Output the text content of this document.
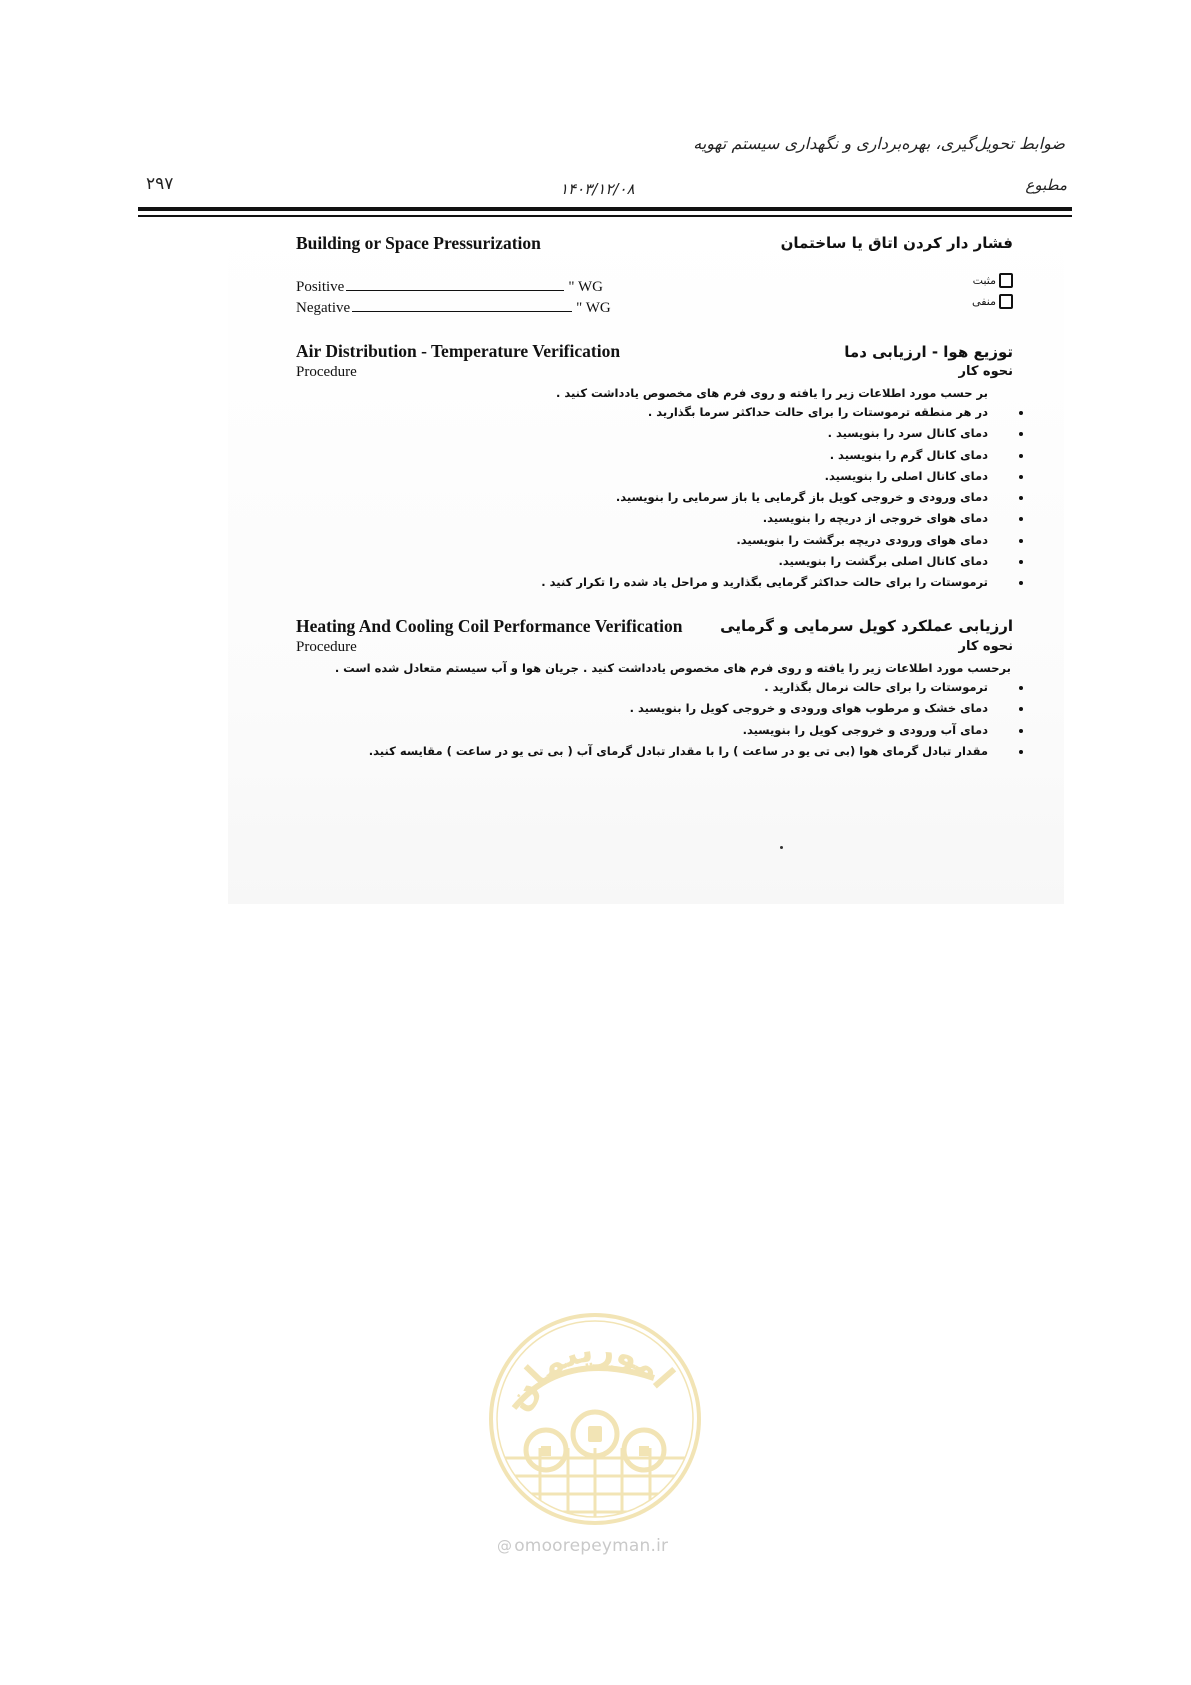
ضوابط تحویل‌گیری، بهره‌برداری و نگهداری سیستم تهویه
۲۹۷	۱۴۰۳/۱۲/۰۸	مطبوع
Building or Space Pressurization	فشار دار کردن اتاق یا ساختمان
Positive	" WG
Negative	" WG
مثبت
منفی
Air Distribution - Temperature Verification	توزیع هوا - ارزیابی دما
Procedure	نحوه کار
بر حسب مورد اطلاعات زیر را یافته و روی فرم های مخصوص یادداشت کنید .
در هر منطقه ترموستات را برای حالت حداکثر سرما بگذارید .
دمای کانال سرد را بنویسید .
دمای کانال گرم را بنویسید .
دمای کانال اصلی را بنویسید.
دمای ورودی و خروجی کویل باز گرمایی یا باز سرمایی را بنویسید.
دمای هوای خروجی از دریچه را بنویسید.
دمای هوای ورودی دریچه برگشت را بنویسید.
دمای کانال اصلی برگشت را بنویسید.
ترموستات را برای حالت حداکثر گرمایی بگذارید و مراحل یاد شده را تکرار کنید .
Heating And Cooling Coil Performance Verification	ارزیابی عملکرد کویل سرمایی و گرمایی
Procedure	نحوه کار
برحسب مورد اطلاعات زیر را یافته و روی فرم های مخصوص یادداشت کنید . جریان هوا و آب سیستم متعادل شده است .
ترموستات را برای حالت نرمال بگذارید .
دمای خشک و مرطوب هوای ورودی و خروجی کویل را بنویسید .
دمای آب ورودی و خروجی کویل را بنویسید.
مقدار تبادل گرمای هوا (بی تی یو در ساعت ) را با مقدار تبادل گرمای آب ( بی تی یو در ساعت ) مقایسه کنید.
امورپیمان
@ omoorepeyman.ir
